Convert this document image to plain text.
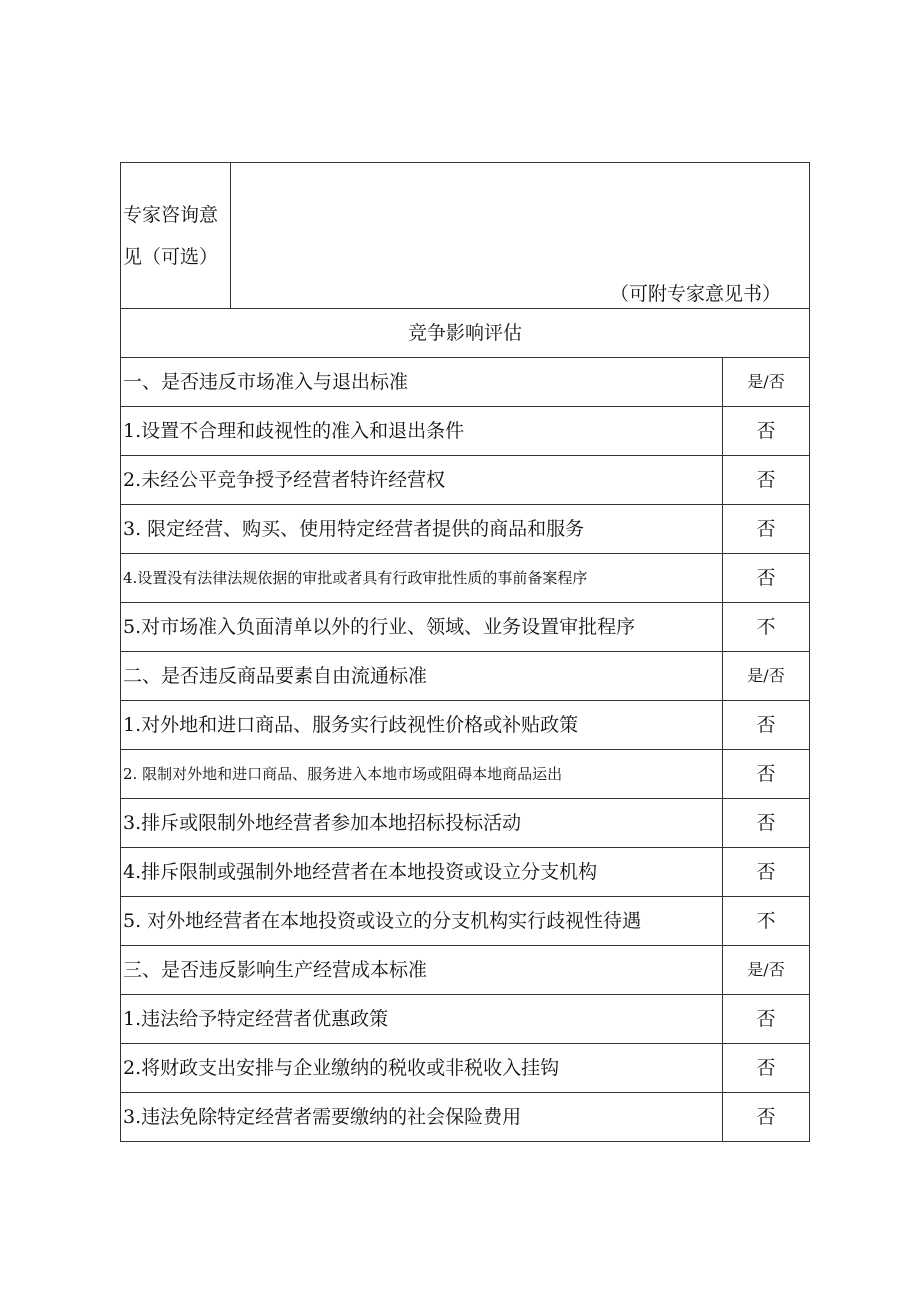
专家咨询意见（可选）	（可附专家意见书）	

竞争影响评估		
一、是否违反市场准入与退出标准		是/否
1.设置不合理和歧视性的准入和退出条件		否
2.未经公平竞争授予经营者特许经营权		否
3. 限定经营、购买、使用特定经营者提供的商品和服务		否
4.设置没有法律法规依据的审批或者具有行政审批性质的事前备案程序		否
5.对市场准入负面清单以外的行业、领域、业务设置审批程序		不
二、是否违反商品要素自由流通标准		是/否
1.对外地和进口商品、服务实行歧视性价格或补贴政策		否
2. 限制对外地和进口商品、服务进入本地市场或阻碍本地商品运出		否
3.排斥或限制外地经营者参加本地招标投标活动		否
4.排斥限制或强制外地经营者在本地投资或设立分支机构		否
5. 对外地经营者在本地投资或设立的分支机构实行歧视性待遇		不
三、是否违反影响生产经营成本标准		是/否
1.违法给予特定经营者优惠政策		否
2.将财政支出安排与企业缴纳的税收或非税收入挂钩		否
3.违法免除特定经营者需要缴纳的社会保险费用		否
